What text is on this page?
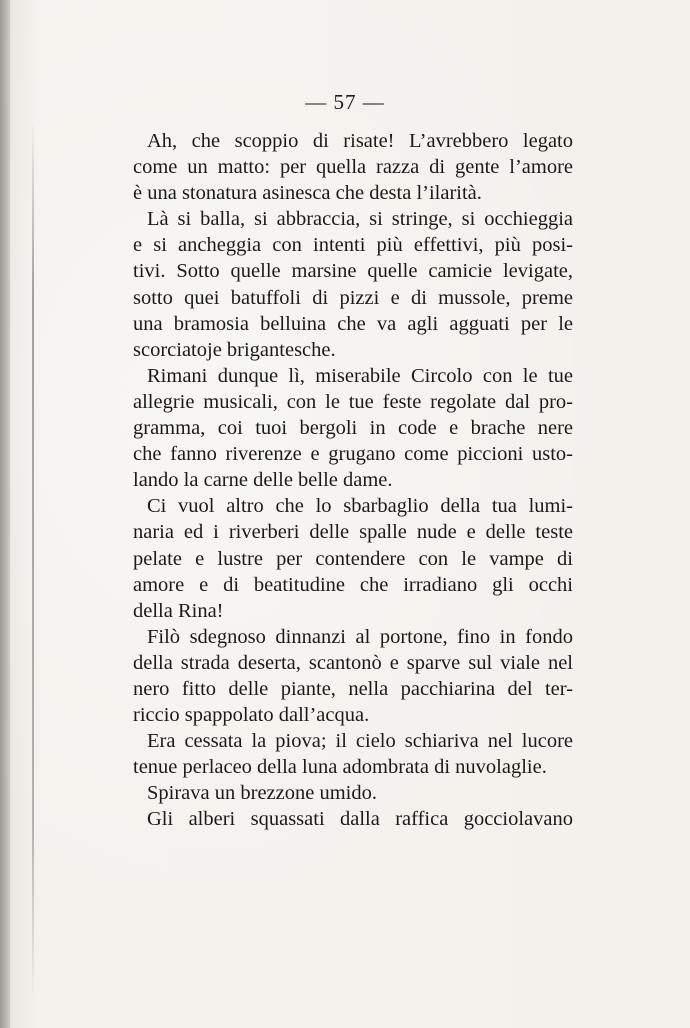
— 57 —
Ah, che scoppio di risate! L’avrebbero legato
come un matto: per quella razza di gente l’amore
è una stonatura asinesca che desta l’ilarità.
Là si balla, si abbraccia, si stringe, si occhieggia
e si ancheggia con intenti più effettivi, più posi-
tivi. Sotto quelle marsine quelle camicie levigate,
sotto quei batuffoli di pizzi e di mussole, preme
una bramosia belluina che va agli agguati per le
scorciatoje brigantesche.
Rimani dunque lì, miserabile Circolo con le tue
allegrie musicali, con le tue feste regolate dal pro-
gramma, coi tuoi bergoli in code e brache nere
che fanno riverenze e grugano come piccioni usto-
lando la carne delle belle dame.
Ci vuol altro che lo sbarbaglio della tua lumi-
naria ed i riverberi delle spalle nude e delle teste
pelate e lustre per contendere con le vampe di
amore e di beatitudine che irradiano gli occhi
della Rina!
Filò sdegnoso dinnanzi al portone, fino in fondo
della strada deserta, scantonò e sparve sul viale nel
nero fitto delle piante, nella pacchiarina del ter-
riccio spappolato dall’acqua.
Era cessata la piova; il cielo schiariva nel lucore
tenue perlaceo della luna adombrata di nuvolaglie.
Spirava un brezzone umido.
Gli alberi squassati dalla raffica gocciolavano
